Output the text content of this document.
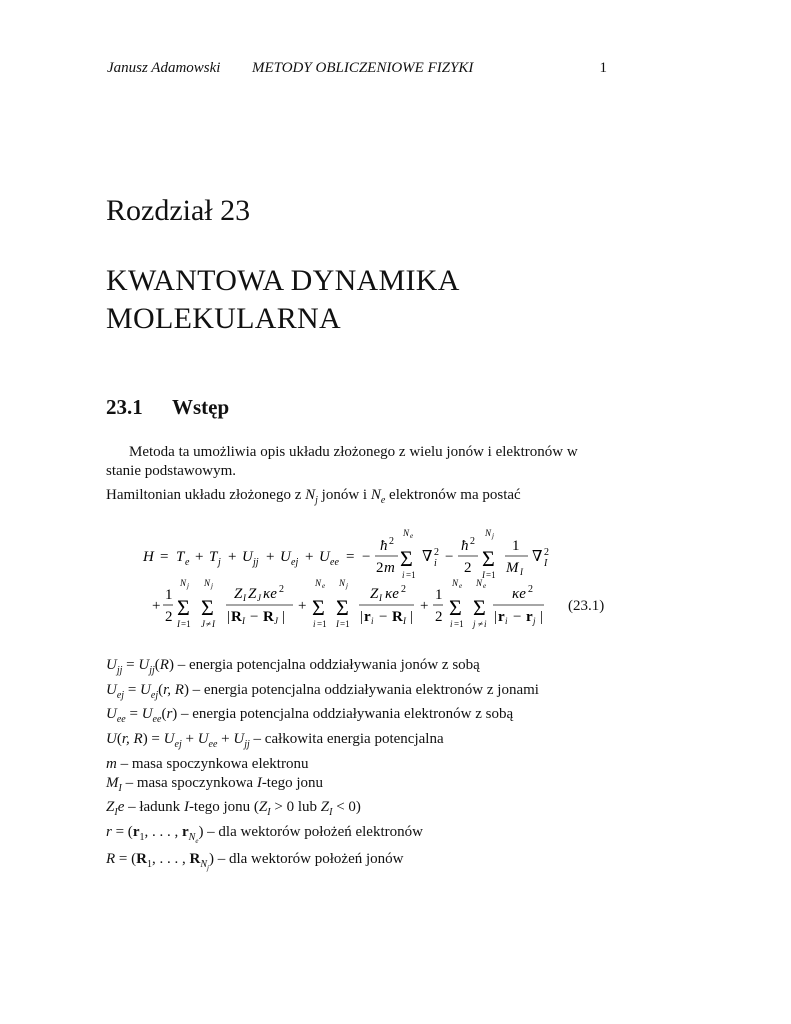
Janusz Adamowski METODY OBLICZENIOWE FIZYKI	1
Rozdział 23
KWANTOWA DYNAMIKA
MOLEKULARNA
23.1 Wstęp
Metoda ta umożliwia opis układu złożonego z wielu jonów i elektronów w stanie podstawowym.
Hamiltonian układu złożonego z $N_j$ jonów i $N_e$ elektronów ma postać
H = T e + T j + U jj + U ej + U ee = −
ħ 2
2 m
N e
Σ
i =1
∇ 2
i −
ħ 2
2
N j
Σ
I =1
1
M I
∇ 2
I
+
1
2
N j
Σ
I =1
N j
Σ
J ≠ I
Z I Z J κe 2
| R I − R J |
+
N e
Σ
i =1
N j
Σ
I =1
Z I κe 2
| r i − R I |
+
1
2
N e
Σ
i =1
N e
Σ
j ≠ i
κe 2
| r i − r j |
(23.1)
$U_{jj} = U_{jj}(R)$ – energia potencjalna oddziaływania jonów z sobą
$U_{ej} = U_{ej}(r$, R) – energia potencjalna oddziaływania elektronów z jonami
$U_{ee} = U_{ee}(r)$ – energia potencjalna oddziaływania elektronów z sobą
U(r, $R) = U_{ej} + U_{ee} + U_{jj}$ – całkowita energia potencjalna
m – masa spoczynkowa elektronu
$M_I$ – masa spoczynkowa I-tego jonu
$Z_Ie$ – ładunk I-tego jonu ($Z_I > 0$ lub $Z_I < 0$)
$r = (r_1$, . . . , $r_{N_e}$) – dla wektorów położeń elektronów
$R = (R_1$, . . . , $R_{N_j}$) – dla wektorów położeń jonów
